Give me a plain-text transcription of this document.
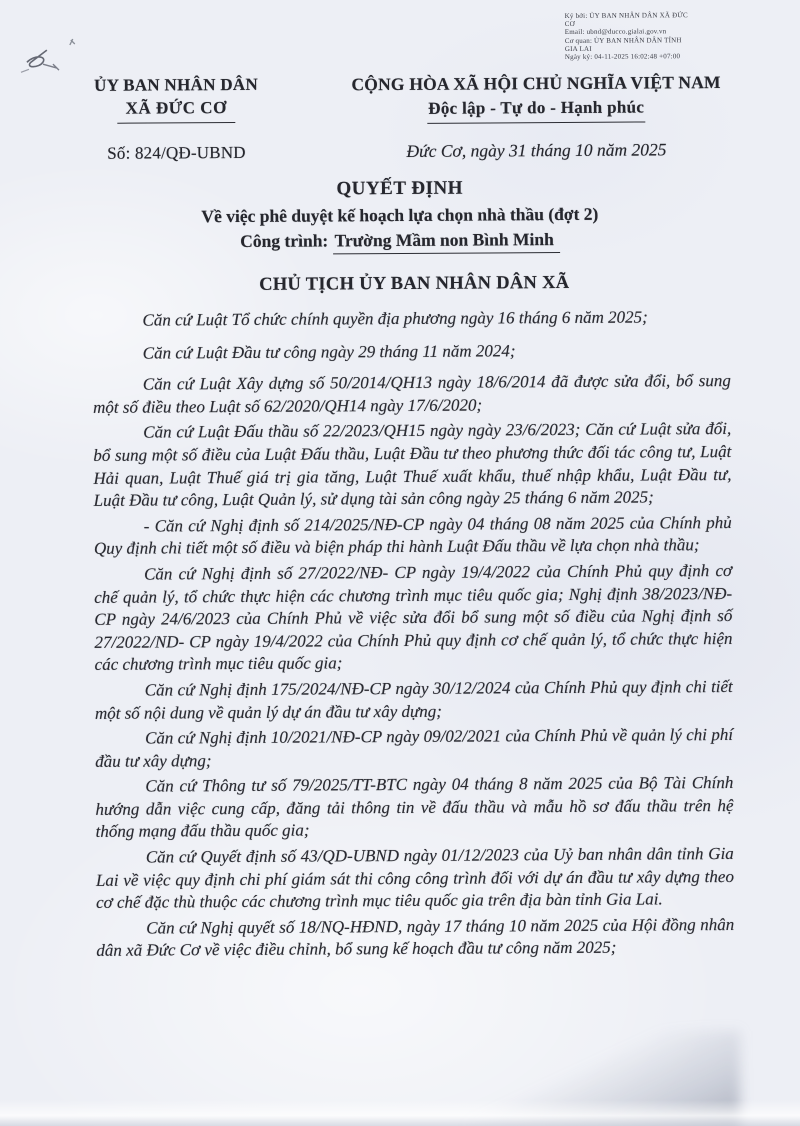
Ký bởi: ỦY BAN NHÂN DÂN XÃ ĐỨC
CƠ
Email: ubnd@ducco.gialai.gov.vn
Cơ quan: ỦY BAN NHÂN DÂN TỈNH
GIA LAI
Ngày ký: 04-11-2025 16:02:48 +07:00
ỦY BAN NHÂN DÂN
XÃ ĐỨC CƠ
Số: 824/QĐ-UBND
CỘNG HÒA XÃ HỘI CHỦ NGHĨA VIỆT NAM
Độc lập - Tự do - Hạnh phúc
Đức Cơ, ngày 31 tháng 10 năm 2025
QUYẾT ĐỊNH
Về việc phê duyệt kế hoạch lựa chọn nhà thầu (đợt 2)
Công trình: Trường Mầm non Bình Minh
CHỦ TỊCH ỦY BAN NHÂN DÂN XÃ

Căn cứ Luật Tổ chức chính quyền địa phương ngày 16 tháng 6 năm 2025;

Căn cứ Luật Đầu tư công ngày 29 tháng 11 năm 2024;

Căn cứ Luật Xây dựng số 50/2014/QH13 ngày 18/6/2014 đã được sửa đổi, bổ sung một số điều theo Luật số 62/2020/QH14 ngày 17/6/2020;

Căn cứ Luật Đấu thầu số 22/2023/QH15 ngày ngày 23/6/2023; Căn cứ Luật sửa đổi, bổ sung một số điều của Luật Đấu thầu, Luật Đầu tư theo phương thức đối tác công tư, Luật Hải quan, Luật Thuế giá trị gia tăng, Luật Thuế xuất khẩu, thuế nhập khẩu, Luật Đầu tư, Luật Đầu tư công, Luật Quản lý, sử dụng tài sản công ngày 25 tháng 6 năm 2025;

- Căn cứ Nghị định số 214/2025/NĐ-CP ngày 04 tháng 08 năm 2025 của Chính phủ Quy định chi tiết một số điều và biện pháp thi hành Luật Đấu thầu về lựa chọn nhà thầu;

Căn cứ Nghị định số 27/2022/NĐ- CP ngày 19/4/2022 của Chính Phủ quy định cơ chế quản lý, tổ chức thực hiện các chương trình mục tiêu quốc gia; Nghị định 38/2023/NĐ-CP ngày 24/6/2023 của Chính Phủ về việc sửa đổi bổ sung một số điều của Nghị định số 27/2022/ND- CP ngày 19/4/2022 của Chính Phủ quy định cơ chế quản lý, tổ chức thực hiện các chương trình mục tiêu quốc gia;

Căn cứ Nghị định 175/2024/NĐ-CP ngày 30/12/2024 của Chính Phủ quy định chi tiết một số nội dung về quản lý dự án đầu tư xây dựng;

Căn cứ Nghị định 10/2021/NĐ-CP ngày 09/02/2021 của Chính Phủ về quản lý chi phí đầu tư xây dựng;

Căn cứ Thông tư số 79/2025/TT-BTC ngày 04 tháng 8 năm 2025 của Bộ Tài Chính hướng dẫn việc cung cấp, đăng tải thông tin về đấu thầu và mẫu hồ sơ đấu thầu trên hệ thống mạng đấu thầu quốc gia;

Căn cứ Quyết định số 43/QD-UBND ngày 01/12/2023 của Uỷ ban nhân dân tỉnh Gia Lai về việc quy định chi phí giám sát thi công công trình đối với dự án đầu tư xây dựng theo cơ chế đặc thù thuộc các chương trình mục tiêu quốc gia trên địa bàn tỉnh Gia Lai.

Căn cứ Nghị quyết số 18/NQ-HĐND, ngày 17 tháng 10 năm 2025 của Hội đồng nhân dân xã Đức Cơ về việc điều chỉnh, bổ sung kế hoạch đầu tư công năm 2025;
